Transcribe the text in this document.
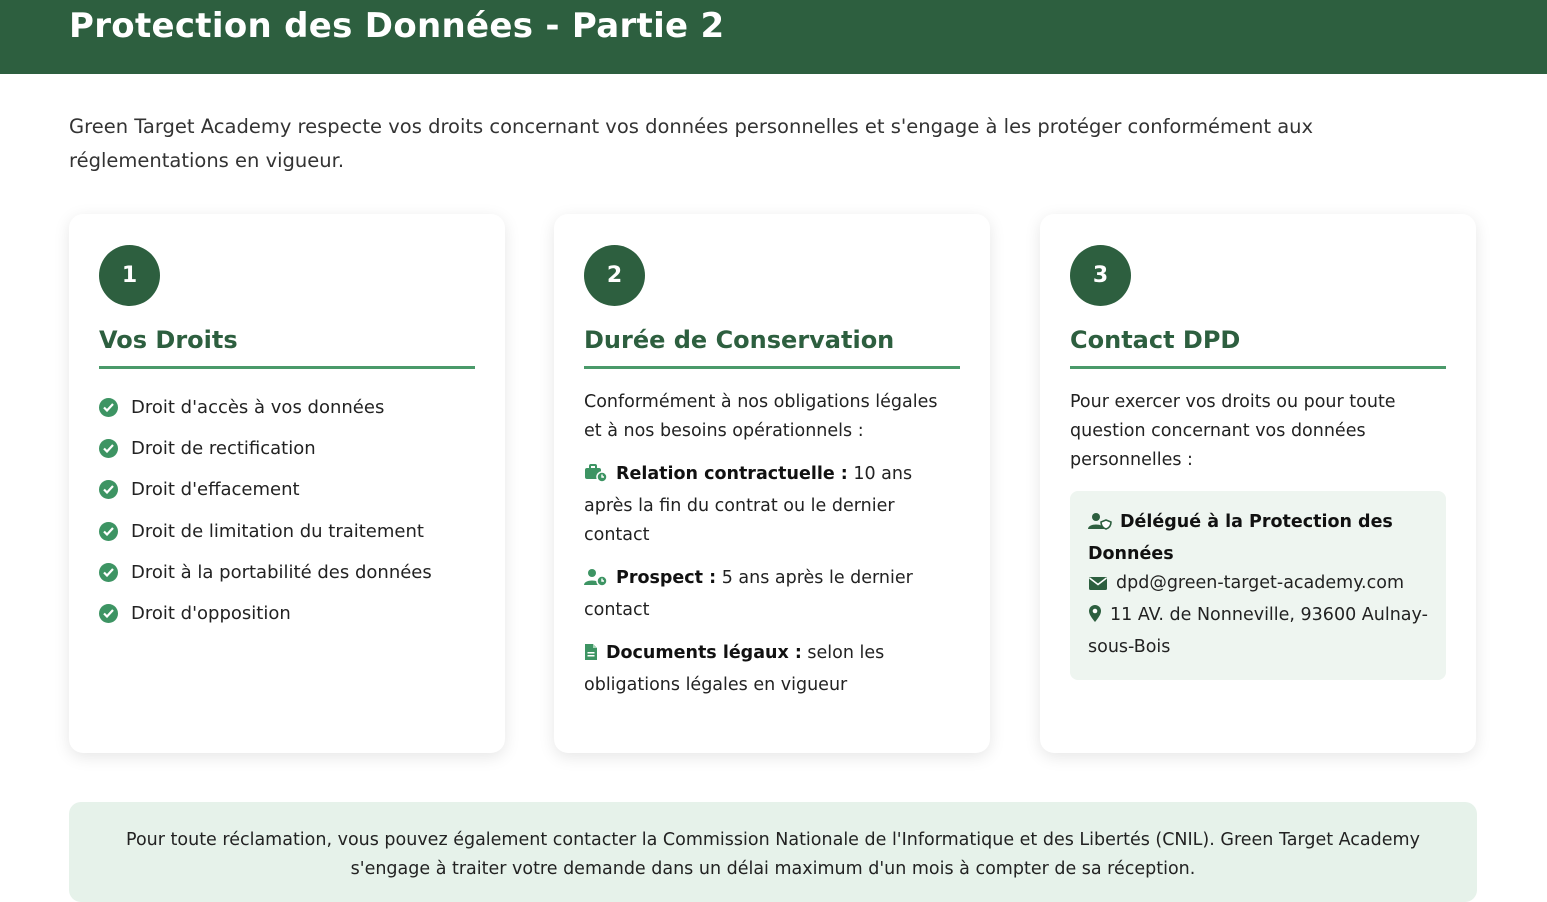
Protection des Données - Partie 2

Green Target Academy respecte vos droits concernant vos données personnelles et s'engage à les protéger conformément aux réglementations en vigueur.

1
Vos Droits
Droit d'accès à vos données
Droit de rectification
Droit d'effacement
Droit de limitation du traitement
Droit à la portabilité des données
Droit d'opposition
2
Durée de Conservation

Conformément à nos obligations légales et à nos besoins opérationnels :

Relation contractuelle : 10 ans après la fin du contrat ou le dernier contact

Prospect : 5 ans après le dernier contact

Documents légaux : selon les obligations légales en vigueur

3
Contact DPD

Pour exercer vos droits ou pour toute question concernant vos données personnelles :

Délégué à la Protection des Données
dpd@green-target-academy.com
11 AV. de Nonneville, 93600 Aulnay-sous-Bois
Pour toute réclamation, vous pouvez également contacter la Commission Nationale de l'Informatique et des Libertés (CNIL). Green Target Academy s'engage à traiter votre demande dans un délai maximum d'un mois à compter de sa réception.
